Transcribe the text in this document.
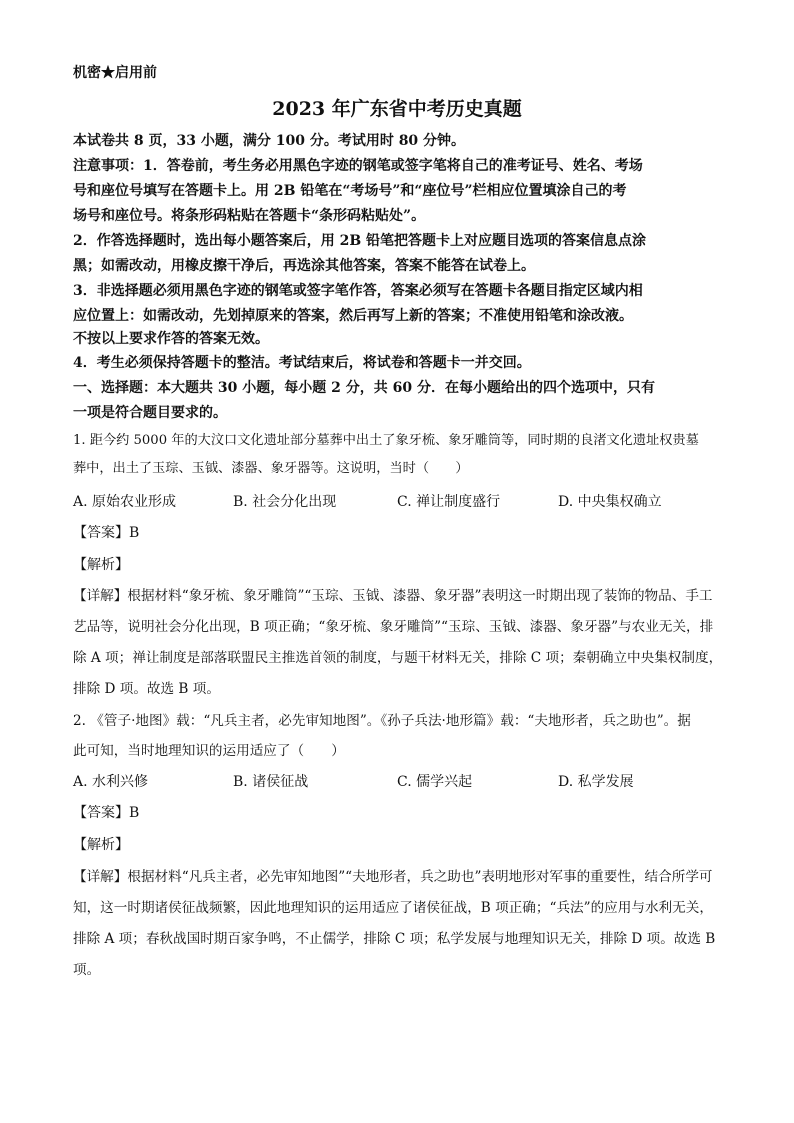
机密★启用前
2023 年广东省中考历史真题
本试卷共 8 页，33 小题，满分 100 分。考试用时 80 分钟。
注意事项：1．答卷前，考生务必用黑色字迹的钢笔或签字笔将自己的准考证号、姓名、考场
号和座位号填写在答题卡上。用 2B 铅笔在“考场号”和“座位号”栏相应位置填涂自己的考
场号和座位号。将条形码粘贴在答题卡“条形码粘贴处”。
2．作答选择题时，选出每小题答案后，用 2B 铅笔把答题卡上对应题目选项的答案信息点涂
黑；如需改动，用橡皮擦干净后，再选涂其他答案，答案不能答在试卷上。
3．非选择题必须用黑色字迹的钢笔或签字笔作答，答案必须写在答题卡各题目指定区域内相
应位置上：如需改动，先划掉原来的答案，然后再写上新的答案；不准使用铅笔和涂改液。
不按以上要求作答的答案无效。
4．考生必须保持答题卡的整洁。考试结束后，将试卷和答题卡一并交回。
一、选择题：本大题共 30 小题，每小题 2 分，共 60 分．在每小题给出的四个选项中，只有
一项是符合题目要求的。
1. 距今约 5000 年的大汶口文化遗址部分墓葬中出土了象牙梳、象牙雕筒等，同时期的良渚文化遗址权贵墓
葬中，出土了玉琮、玉钺、漆器、象牙器等。这说明，当时（　　）
A. 原始农业形成	B. 社会分化出现	C. 禅让制度盛行	D. 中央集权确立
【答案】B
【解析】
【详解】根据材料“象牙梳、象牙雕筒”“玉琮、玉钺、漆器、象牙器”表明这一时期出现了装饰的物品、手工
艺品等，说明社会分化出现，B 项正确；“象牙梳、象牙雕筒”“玉琮、玉钺、漆器、象牙器”与农业无关，排
除 A 项；禅让制度是部落联盟民主推选首领的制度，与题干材料无关，排除 C 项；秦朝确立中央集权制度，
排除 D 项。故选 B 项。
2. 《管子·地图》载：“凡兵主者，必先审知地图”。《孙子兵法·地形篇》载：“夫地形者，兵之助也”。据
此可知，当时地理知识的运用适应了（　　）
A. 水利兴修	B. 诸侯征战	C. 儒学兴起	D. 私学发展
【答案】B
【解析】
【详解】根据材料“凡兵主者，必先审知地图”“夫地形者，兵之助也”表明地形对军事的重要性，结合所学可
知，这一时期诸侯征战频繁，因此地理知识的运用适应了诸侯征战，B 项正确；“兵法”的应用与水利无关，
排除 A 项；春秋战国时期百家争鸣，不止儒学，排除 C 项；私学发展与地理知识无关，排除 D 项。故选 B
项。
